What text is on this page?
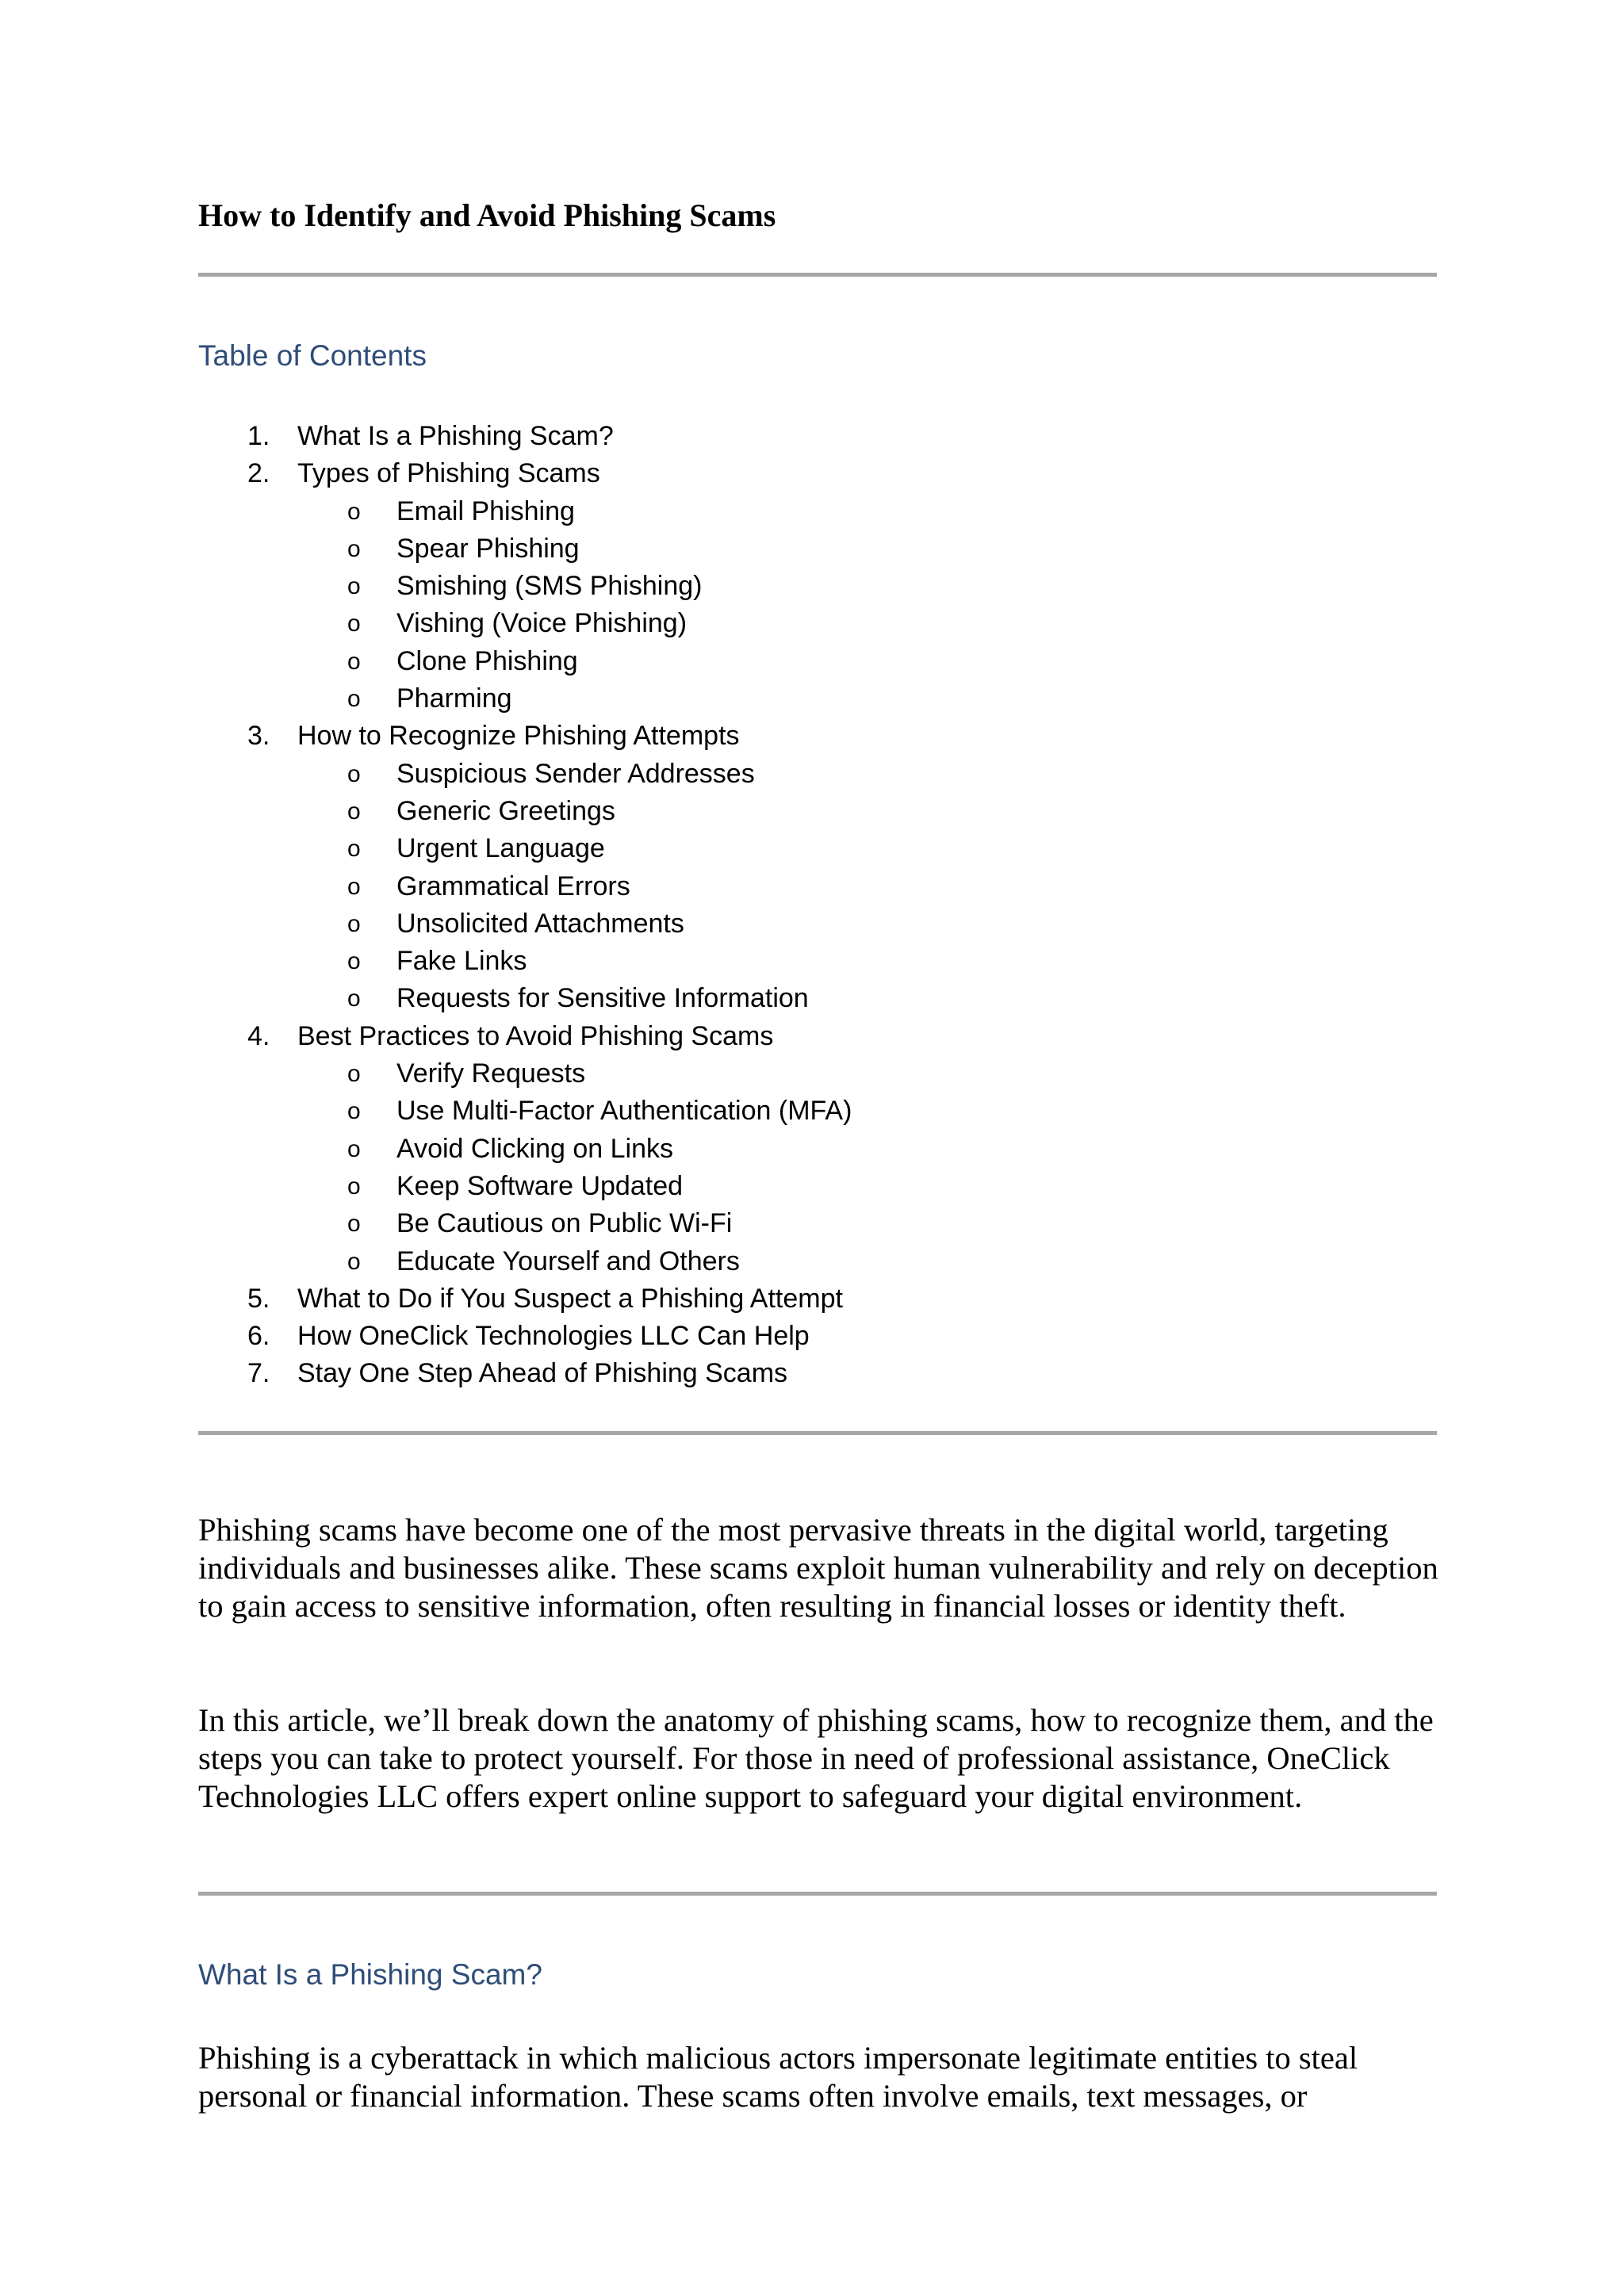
How to Identify and Avoid Phishing Scams
Table of Contents
1.	What Is a Phishing Scam?
2.	Types of Phishing Scams
o Email Phishing
o Spear Phishing
o Smishing (SMS Phishing)
o Vishing (Voice Phishing)
o Clone Phishing
o Pharming
3.	How to Recognize Phishing Attempts
o Suspicious Sender Addresses
o Generic Greetings
o Urgent Language
o Grammatical Errors
o Unsolicited Attachments
o Fake Links
o Requests for Sensitive Information
4.	Best Practices to Avoid Phishing Scams
o Verify Requests
o Use Multi-Factor Authentication (MFA)
o Avoid Clicking on Links
o Keep Software Updated
o Be Cautious on Public Wi-Fi
o Educate Yourself and Others
5.	What to Do if You Suspect a Phishing Attempt
6.	How OneClick Technologies LLC Can Help
7.	Stay One Step Ahead of Phishing Scams

Phishing scams have become one of the most pervasive threats in the digital world, targeting individuals and businesses alike. These scams exploit human vulnerability and rely on deception to gain access to sensitive information, often resulting in financial losses or identity theft.

In this article, we’ll break down the anatomy of phishing scams, how to recognize them, and the steps you can take to protect yourself. For those in need of professional assistance, OneClick Technologies LLC offers expert online support to safeguard your digital environment.

What Is a Phishing Scam?

Phishing is a cyberattack in which malicious actors impersonate legitimate entities to steal personal or financial information. These scams often involve emails, text messages, or
